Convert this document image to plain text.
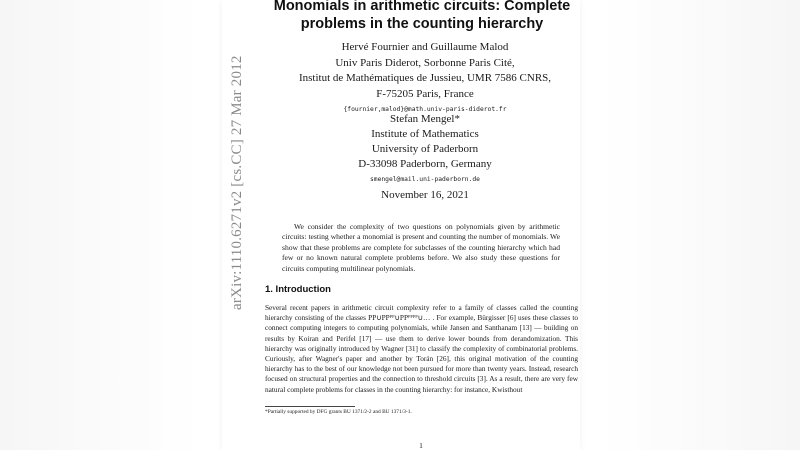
arXiv:1110.6271v2 [cs.CC] 27 Mar 2012
Monomials in arithmetic circuits: Complete problems in the counting hierarchy
Hervé Fournier and Guillaume Malod
Univ Paris Diderot, Sorbonne Paris Cité,
Institut de Mathématiques de Jussieu, UMR 7586 CNRS,
F-75205 Paris, France
{fournier,malod}@math.univ-paris-diderot.fr
Stefan Mengel*
Institute of Mathematics
University of Paderborn
D-33098 Paderborn, Germany
smengel@mail.uni-paderborn.de
November 16, 2021
We consider the complexity of two questions on polynomials given by arithmetic circuits: testing whether a monomial is present and counting the number of monomials. We show that these problems are complete for subclasses of the counting hierarchy which had few or no known natural complete problems before. We also study these questions for circuits computing multilinear polynomials.
1. Introduction
Several recent papers in arithmetic circuit complexity refer to a family of classes called the counting hierarchy consisting of the classes PP∪PPᴾᴾ∪PPᴾᴾᴾᴾ∪… . For example, Bürgisser [6] uses these classes to connect computing integers to computing polynomials, while Jansen and Santhanam [13] — building on results by Koiran and Perifel [17] — use them to derive lower bounds from derandomization. This hierarchy was originally introduced by Wagner [31] to classify the complexity of combinatorial problems. Curiously, after Wagner's paper and another by Torán [26], this original motivation of the counting hierarchy has to the best of our knowledge not been pursued for more than twenty years. Instead, research focused on structural properties and the connection to threshold circuits [3]. As a result, there are very few natural complete problems for classes in the counting hierarchy: for instance, Kwisthout
*Partially supported by DFG grants BU 1371/2-2 and BU 1371/3-1.
1
